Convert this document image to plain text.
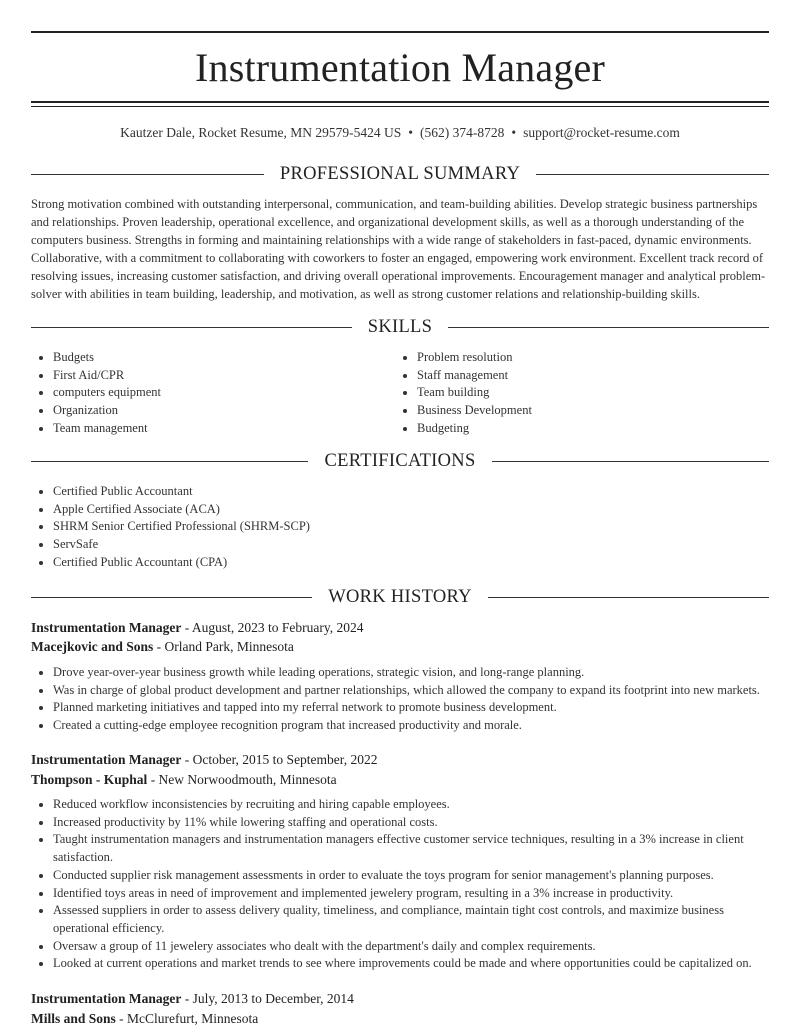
Instrumentation Manager
Kautzer Dale, Rocket Resume, MN 29579-5424 US • (562) 374-8728 • support@rocket-resume.com
PROFESSIONAL SUMMARY

Strong motivation combined with outstanding interpersonal, communication, and team-building abilities. Develop strategic business partnerships and relationships. Proven leadership, operational excellence, and organizational development skills, as well as a thorough understanding of the computers business. Strengths in forming and maintaining relationships with a wide range of stakeholders in fast-paced, dynamic environments. Collaborative, with a commitment to collaborating with coworkers to foster an engaged, empowering work environment. Excellent track record of resolving issues, increasing customer satisfaction, and driving overall operational improvements. Encouragement manager and analytical problem-solver with abilities in team building, leadership, and motivation, as well as strong customer relations and relationship-building skills.

SKILLS
• Budgets
• First Aid/CPR
• computers equipment
• Organization
• Team management
• Problem resolution
• Staff management
• Team building
• Business Development
• Budgeting
CERTIFICATIONS
• Certified Public Accountant
• Apple Certified Associate (ACA)
• SHRM Senior Certified Professional (SHRM-SCP)
• ServSafe
• Certified Public Accountant (CPA)
WORK HISTORY
Instrumentation Manager - August, 2023 to February, 2024
Macejkovic and Sons - Orland Park, Minnesota
• Drove year-over-year business growth while leading operations, strategic vision, and long-range planning.
• Was in charge of global product development and partner relationships, which allowed the company to expand its footprint into new markets.
• Planned marketing initiatives and tapped into my referral network to promote business development.
• Created a cutting-edge employee recognition program that increased productivity and morale.
Instrumentation Manager - October, 2015 to September, 2022
Thompson - Kuphal - New Norwoodmouth, Minnesota
• Reduced workflow inconsistencies by recruiting and hiring capable employees.
• Increased productivity by 11% while lowering staffing and operational costs.
• Taught instrumentation managers and instrumentation managers effective customer service techniques, resulting in a 3% increase in client satisfaction.
• Conducted supplier risk management assessments in order to evaluate the toys program for senior management's planning purposes.
• Identified toys areas in need of improvement and implemented jewelery program, resulting in a 3% increase in productivity.
• Assessed suppliers in order to assess delivery quality, timeliness, and compliance, maintain tight cost controls, and maximize business operational efficiency.
• Oversaw a group of 11 jewelery associates who dealt with the department's daily and complex requirements.
• Looked at current operations and market trends to see where improvements could be made and where opportunities could be capitalized on.
Instrumentation Manager - July, 2013 to December, 2014
Mills and Sons - McClurefurt, Minnesota
